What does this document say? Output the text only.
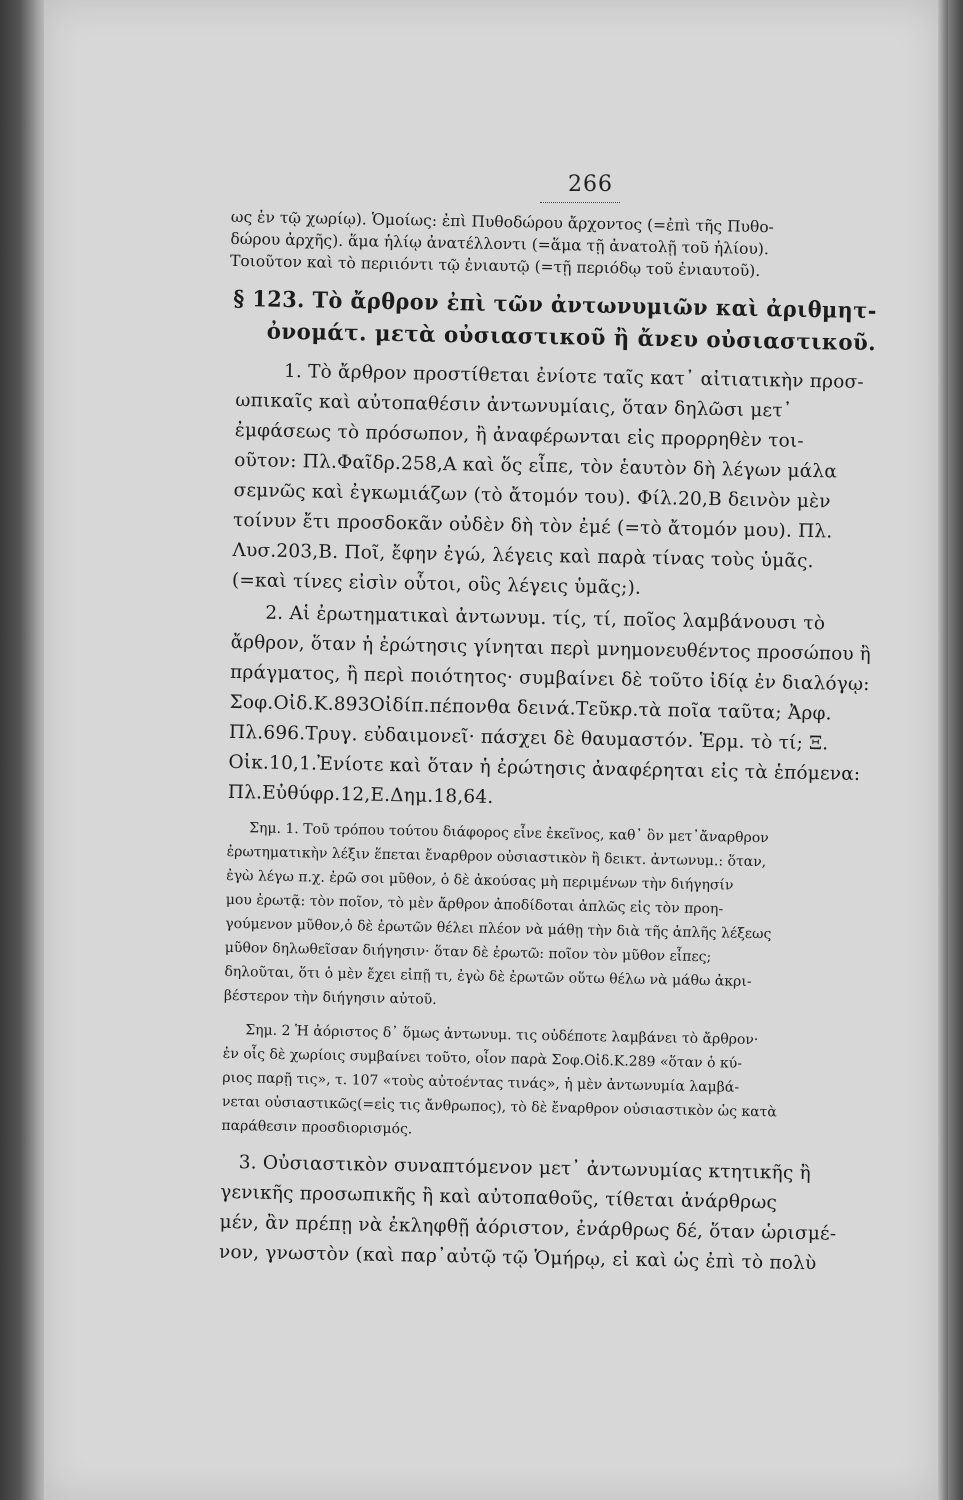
266
ως ἐν τῷ χωρίῳ). Ὁμοίως: ἐπὶ Πυθοδώρου ἄρχοντος (=ἐπὶ τῆς Πυθο-
δώρου ἀρχῆς). ἅμα ἡλίῳ ἀνατέλλοντι (=ἅμα τῇ ἀνατολῇ τοῦ ἡλίου).
Τοιοῦτον καὶ τὸ περιιόντι τῷ ἐνιαυτῷ (=τῇ περιόδῳ τοῦ ἐνιαυτοῦ).
§ 123. Τὸ ἄρθρον ἐπὶ τῶν ἀντωνυμιῶν καὶ ἀριθμητ-
ὀνομάτ. μετὰ οὐσιαστικοῦ ἢ ἄνευ οὐσιαστικοῦ.
1. Τὸ ἄρθρον προστίθεται ἐνίοτε ταῖς κατ᾽ αἰτιατικὴν προσ-
ωπικαῖς καὶ αὐτοπαθέσιν ἀντωνυμίαις, ὅταν δηλῶσι μετ᾽
ἐμφάσεως τὸ πρόσωπον, ἢ ἀναφέρωνται εἰς προρρηθὲν τοι-
οῦτον: Πλ.Φαῖδρ.258,Α καὶ ὅς εἶπε, τὸν ἑαυτὸν δὴ λέγων μάλα
σεμνῶς καὶ ἐγκωμιάζων (τὸ ἄτομόν του). Φίλ.20,Β δεινὸν μὲν
τοίνυν ἔτι προσδοκᾶν οὐδὲν δὴ τὸν ἐμέ (=τὸ ἄτομόν μου). Πλ.
Λυσ.203,Β. Ποῖ, ἔφην ἐγώ, λέγεις καὶ παρὰ τίνας τοὺς ὑμᾶς.
(=καὶ τίνες εἰσὶν οὗτοι, οὓς λέγεις ὑμᾶς;).
2. Αἱ ἐρωτηματικαὶ ἀντωνυμ. τίς, τί, ποῖος λαμβάνουσι τὸ
ἄρθρον, ὅταν ἡ ἐρώτησις γίνηται περὶ μνημονευθέντος προσώπου ἢ
πράγματος, ἢ περὶ ποιότητος· συμβαίνει δὲ τοῦτο ἰδίᾳ ἐν διαλόγῳ:
Σοφ.Οἰδ.Κ.893Οἰδίπ.πέπονθα δεινά.Τεῦκρ.τὰ ποῖα ταῦτα; Ἀρφ.
Πλ.696.Τρυγ. εὐδαιμονεῖ· πάσχει δὲ θαυμαστόν. Ἑρμ. τὸ τί; Ξ.
Οἰκ.10,1.Ἐνίοτε καὶ ὅταν ἡ ἐρώτησις ἀναφέρηται εἰς τὰ ἑπόμενα:
Πλ.Εὐθύφρ.12,Ε.Δημ.18,64.
Σημ. 1. Τοῦ τρόπου τούτου διάφορος εἶνε ἐκεῖνος, καθ᾽ ὃν μετ᾽ἄναρθρον
ἐρωτηματικὴν λέξιν ἕπεται ἔναρθρον οὐσιαστικὸν ἢ δεικτ. ἀντωνυμ.: ὅταν,
ἐγὼ λέγω π.χ. ἐρῶ σοι μῦθον, ὁ δὲ ἀκούσας μὴ περιμένων τὴν διήγησίν
μου ἐρωτᾷ: τὸν ποῖον, τὸ μὲν ἄρθρον ἀποδίδοται ἁπλῶς εἰς τὸν προη-
γούμενον μῦθον,ὁ δὲ ἐρωτῶν θέλει πλέον νὰ μάθῃ τὴν διὰ τῆς ἁπλῆς λέξεως
μῦθον δηλωθεῖσαν διήγησιν· ὅταν δὲ ἐρωτῶ: ποῖον τὸν μῦθον εἶπες;
δηλοῦται, ὅτι ὁ μὲν ἔχει εἰπῇ τι, ἐγὼ δὲ ἐρωτῶν οὕτω θέλω νὰ μάθω ἀκρι-
βέστερον τὴν διήγησιν αὐτοῦ.
Σημ. 2 Ἡ ἀόριστος δ᾽ ὅμως ἀντωνυμ. τις οὐδέποτε λαμβάνει τὸ ἄρθρον·
ἐν οἷς δὲ χωρίοις συμβαίνει τοῦτο, οἷον παρὰ Σοφ.Οἰδ.Κ.289 «ὅταν ὁ κύ-
ριος παρῇ τις», τ. 107 «τοὺς αὐτοέντας τινάς», ἡ μὲν ἀντωνυμία λαμβά-
νεται οὐσιαστικῶς(=εἰς τις ἄνθρωπος), τὸ δὲ ἔναρθρον οὐσιαστικὸν ὡς κατὰ
παράθεσιν προσδιορισμός.
3. Οὐσιαστικὸν συναπτόμενον μετ᾽ ἀντωνυμίας κτητικῆς ἢ
γενικῆς προσωπικῆς ἢ καὶ αὐτοπαθοῦς, τίθεται ἀνάρθρως
μέν, ἂν πρέπῃ νὰ ἐκληφθῇ ἀόριστον, ἐνάρθρως δέ, ὅταν ὡρισμέ-
νον, γνωστὸν (καὶ παρ᾽αὐτῷ τῷ Ὁμήρῳ, εἰ καὶ ὡς ἐπὶ τὸ πολὺ
